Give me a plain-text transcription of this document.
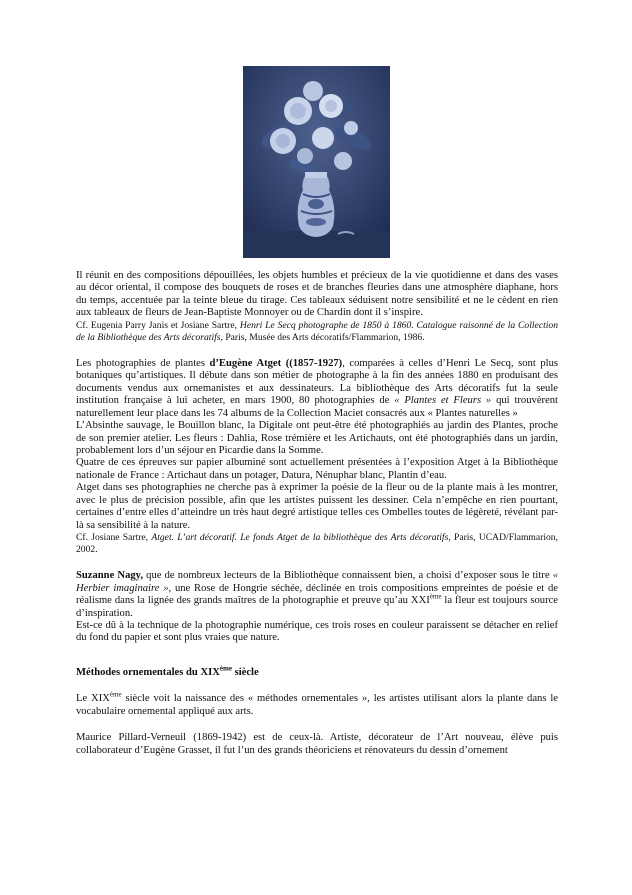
Il réunit en des compositions dépouillées, les objets humbles et précieux de la vie quotidienne et dans des vases au décor oriental, il compose des bouquets de roses et de branches fleuries dans une atmosphère diaphane, hors du temps, accentuée par la teinte bleue du tirage. Ces tableaux séduisent notre sensibilité et ne le cèdent en rien aux tableaux de fleurs de Jean-Baptiste Monnoyer ou de Chardin dont il s’inspire.

Cf. Eugenia Parry Janis et Josiane Sartre, Henri Le Secq photographe de 1850 à 1860. Catalogue raisonné de la Collection de la Bibliothèque des Arts décoratifs, Paris, Musée des Arts décoratifs/Flammarion, 1986.

Les photographies de plantes d’Eugène Atget ((1857-1927), comparées à celles d’Henri Le Secq, sont plus botaniques qu’artistiques. Il débute dans son métier de photographe à la fin des années 1880 en produisant des documents vendus aux ornemanistes et aux dessinateurs. La bibliothèque des Arts décoratifs fut la seule institution française à lui acheter, en mars 1900, 80 photographies de « Plantes et Fleurs » qui trouvèrent naturellement leur place dans les 74 albums de la Collection Maciet consacrés aux « Plantes naturelles »

L’Absinthe sauvage, le Bouillon blanc, la Digitale ont peut-être été photographiés au jardin des Plantes, proche de son premier atelier. Les fleurs : Dahlia, Rose trémière et les Artichauts, ont été photographiés dans un jardin, probablement lors d’un séjour en Picardie dans la Somme.

Quatre de ces épreuves sur papier albuminé sont actuellement présentées à l’exposition Atget à la Bibliothèque nationale de France : Artichaut dans un potager, Datura, Nénuphar blanc, Plantin d’eau.

Atget dans ses photographies ne cherche pas à exprimer la poésie de la fleur ou de la plante mais à les montrer, avec le plus de précision possible, afin que les artistes puissent les dessiner. Cela n’empêche en rien pourtant, certaines d’entre elles d’atteindre un très haut degré artistique telles ces Ombelles toutes de légèreté, révélant par-là sa sensibilité à la nature.

Cf. Josiane Sartre, Atget. L’art décoratif. Le fonds Atget de la bibliothèque des Arts décoratifs, Paris, UCAD/Flammarion, 2002.

Suzanne Nagy, que de nombreux lecteurs de la Bibliothèque connaissent bien, a choisi d’exposer sous le titre « Herbier imaginaire », une Rose de Hongrie séchée, déclinée en trois compositions empreintes de poésie et de réalisme dans la lignée des grands maîtres de la photographie et preuve qu’au XXIème la fleur est toujours source d’inspiration.

Est-ce dû à la technique de la photographie numérique, ces trois roses en couleur paraissent se détacher en relief du fond du papier et sont plus vraies que nature.

Méthodes ornementales du XIXème siècle

Le XIXème siècle voit la naissance des « méthodes ornementales », les artistes utilisant alors la plante dans le vocabulaire ornemental appliqué aux arts.

Maurice Pillard-Verneuil (1869-1942) est de ceux-là. Artiste, décorateur de l’Art nouveau, élève puis collaborateur d’Eugène Grasset, il fut l’un des grands théoriciens et rénovateurs du dessin d’ornement
